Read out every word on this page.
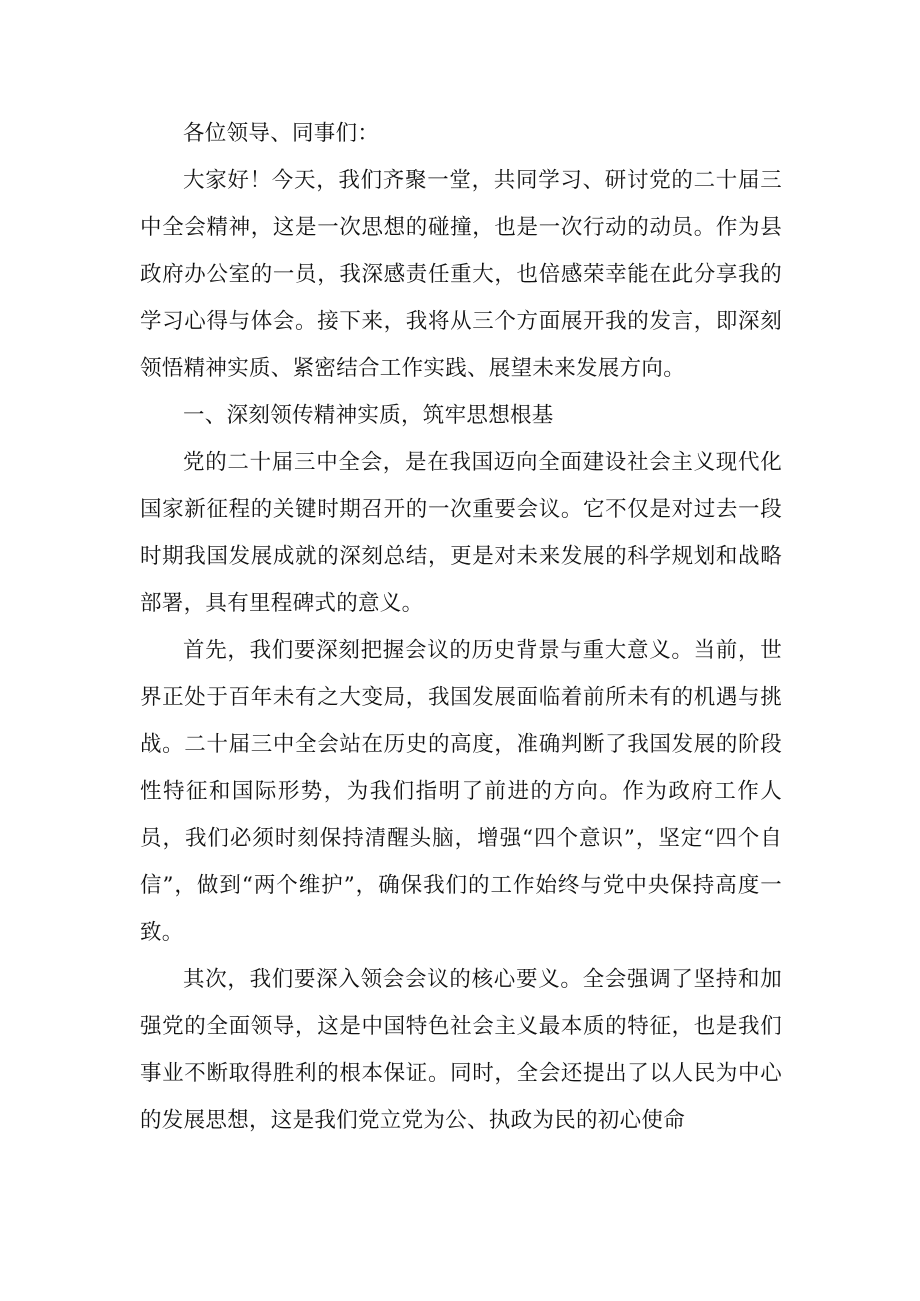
各位领导、同事们：

大家好！今天，我们齐聚一堂，共同学习、研讨党的二十届三中全会精神，这是一次思想的碰撞，也是一次行动的动员。作为县政府办公室的一员，我深感责任重大，也倍感荣幸能在此分享我的学习心得与体会。接下来，我将从三个方面展开我的发言，即深刻领悟精神实质、紧密结合工作实践、展望未来发展方向。

一、深刻领传精神实质，筑牢思想根基

党的二十届三中全会，是在我国迈向全面建设社会主义现代化国家新征程的关键时期召开的一次重要会议。它不仅是对过去一段时期我国发展成就的深刻总结，更是对未来发展的科学规划和战略部署，具有里程碑式的意义。

首先，我们要深刻把握会议的历史背景与重大意义。当前，世界正处于百年未有之大变局，我国发展面临着前所未有的机遇与挑战。二十届三中全会站在历史的高度，准确判断了我国发展的阶段性特征和国际形势，为我们指明了前进的方向。作为政府工作人员，我们必须时刻保持清醒头脑，增强“四个意识”，坚定“四个自信”，做到“两个维护”，确保我们的工作始终与党中央保持高度一致。

其次，我们要深入领会会议的核心要义。全会强调了坚持和加强党的全面领导，这是中国特色社会主义最本质的特征，也是我们事业不断取得胜利的根本保证。同时，全会还提出了以人民为中心的发展思想，这是我们党立党为公、执政为民的初心使命
